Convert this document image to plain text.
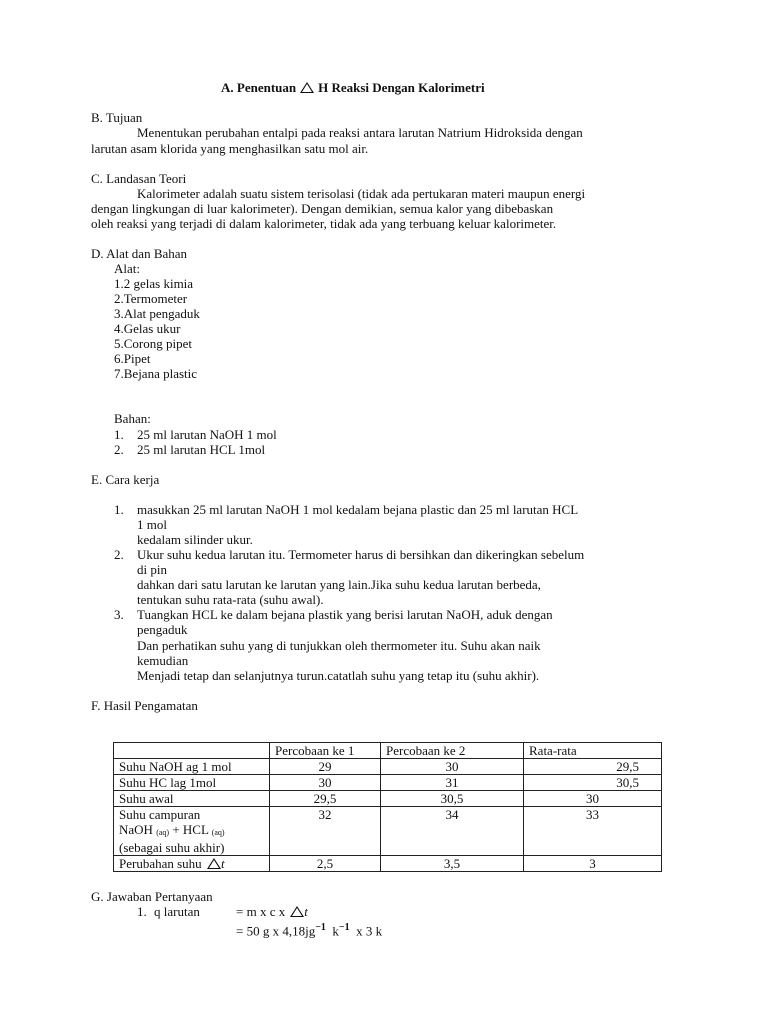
A. Penentuan H Reaksi Dengan Kalorimetri
B. Tujuan
Menentukan perubahan entalpi pada reaksi antara larutan Natrium Hidroksida dengan
larutan asam klorida yang menghasilkan satu mol air.
C. Landasan Teori
Kalorimeter adalah suatu sistem terisolasi (tidak ada pertukaran materi maupun energi
dengan lingkungan di luar kalorimeter). Dengan demikian, semua kalor yang dibebaskan
oleh reaksi yang terjadi di dalam kalorimeter, tidak ada yang terbuang keluar kalorimeter.
D. Alat dan Bahan
Alat:
1.2 gelas kimia
2.Termometer
3.Alat pengaduk
4.Gelas ukur
5.Corong pipet
6.Pipet
7.Bejana plastic
Bahan:
1. 25 ml larutan NaOH 1 mol
2. 25 ml larutan HCL 1mol
E. Cara kerja
1. masukkan 25 ml larutan NaOH 1 mol kedalam bejana plastic dan 25 ml larutan HCL
1 mol
kedalam silinder ukur.
2. Ukur suhu kedua larutan itu. Termometer harus di bersihkan dan dikeringkan sebelum
di pin
dahkan dari satu larutan ke larutan yang lain.Jika suhu kedua larutan berbeda,
tentukan suhu rata-rata (suhu awal).
3. Tuangkan HCL ke dalam bejana plastik yang berisi larutan NaOH, aduk dengan
pengaduk
Dan perhatikan suhu yang di tunjukkan oleh thermometer itu. Suhu akan naik
kemudian
Menjadi tetap dan selanjutnya turun.catatlah suhu yang tetap itu (suhu akhir).
F. Hasil Pengamatan
	Percobaan ke 1	Percobaan ke 2	Rata-rata
Suhu NaOH ag 1 mol	29	30	29,5
Suhu HC lag 1mol	30	31	30,5
Suhu awal	29,5	30,5	30

Suhu campuran
NaOH $_{(aq)}$ + HCL $_{(aq)}$
(sebagai suhu akhir)	32	34	33
Perubahan suhu t	2,5	3,5	3
G. Jawaban Pertanyaan
1. q larutan	= m x c x t
= 50 g x $4,18jg^{-1}$ $k^{-1}$ x 3 k
